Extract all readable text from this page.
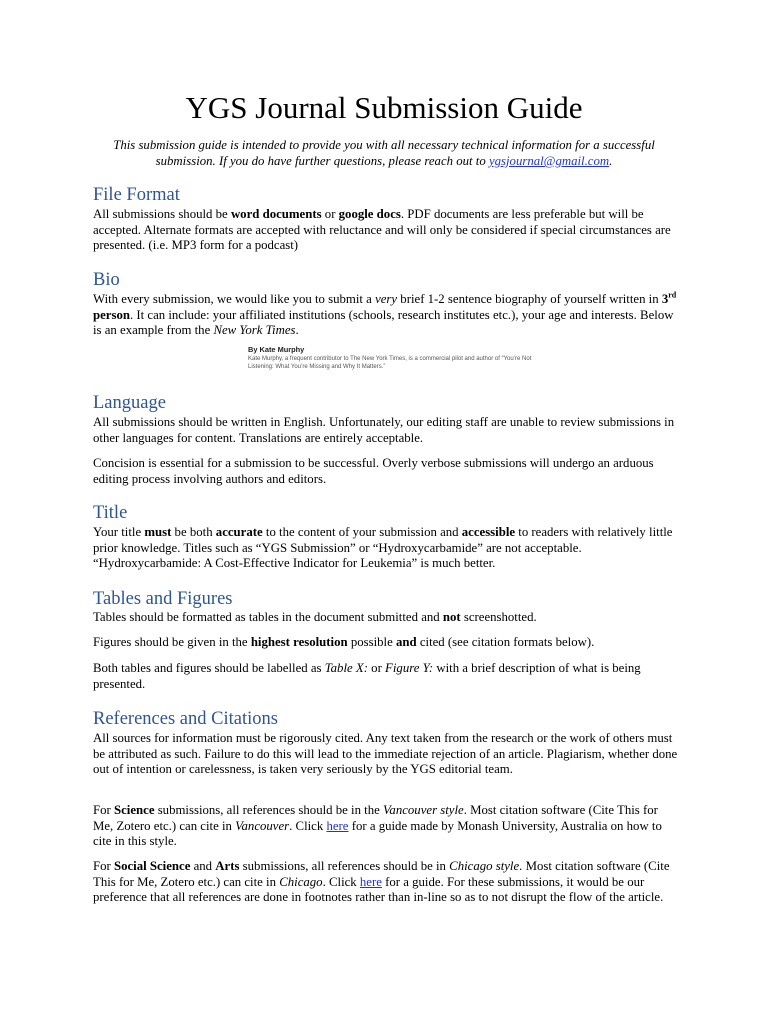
YGS Journal Submission Guide

This submission guide is intended to provide you with all necessary technical information for a successful submission. If you do have further questions, please reach out to ygsjournal@gmail.com.

File Format

All submissions should be word documents or google docs. PDF documents are less preferable but will be accepted. Alternate formats are accepted with reluctance and will only be considered if special circumstances are presented. (i.e. MP3 form for a podcast)

Bio

With every submission, we would like you to submit a very brief 1-2 sentence biography of yourself written in 3rd person. It can include: your affiliated institutions (schools, research institutes etc.), your age and interests. Below is an example from the New York Times.

By Kate Murphy
Kate Murphy, a frequent contributor to The New York Times, is a commercial pilot and author of “You’re Not Listening: What You’re Missing and Why It Matters.”
Language

All submissions should be written in English. Unfortunately, our editing staff are unable to review submissions in other languages for content. Translations are entirely acceptable.

Concision is essential for a submission to be successful. Overly verbose submissions will undergo an arduous editing process involving authors and editors.

Title

Your title must be both accurate to the content of your submission and accessible to readers with relatively little prior knowledge. Titles such as “YGS Submission” or “Hydroxycarbamide” are not acceptable. “Hydroxycarbamide: A Cost-Effective Indicator for Leukemia” is much better.

Tables and Figures

Tables should be formatted as tables in the document submitted and not screenshotted.

Figures should be given in the highest resolution possible and cited (see citation formats below).

Both tables and figures should be labelled as Table X: or Figure Y: with a brief description of what is being presented.

References and Citations

All sources for information must be rigorously cited. Any text taken from the research or the work of others must be attributed as such. Failure to do this will lead to the immediate rejection of an article. Plagiarism, whether done out of intention or carelessness, is taken very seriously by the YGS editorial team.

For Science submissions, all references should be in the Vancouver style. Most citation software (Cite This for Me, Zotero etc.) can cite in Vancouver. Click here for a guide made by Monash University, Australia on how to cite in this style.

For Social Science and Arts submissions, all references should be in Chicago style. Most citation software (Cite This for Me, Zotero etc.) can cite in Chicago. Click here for a guide. For these submissions, it would be our preference that all references are done in footnotes rather than in-line so as to not disrupt the flow of the article.
